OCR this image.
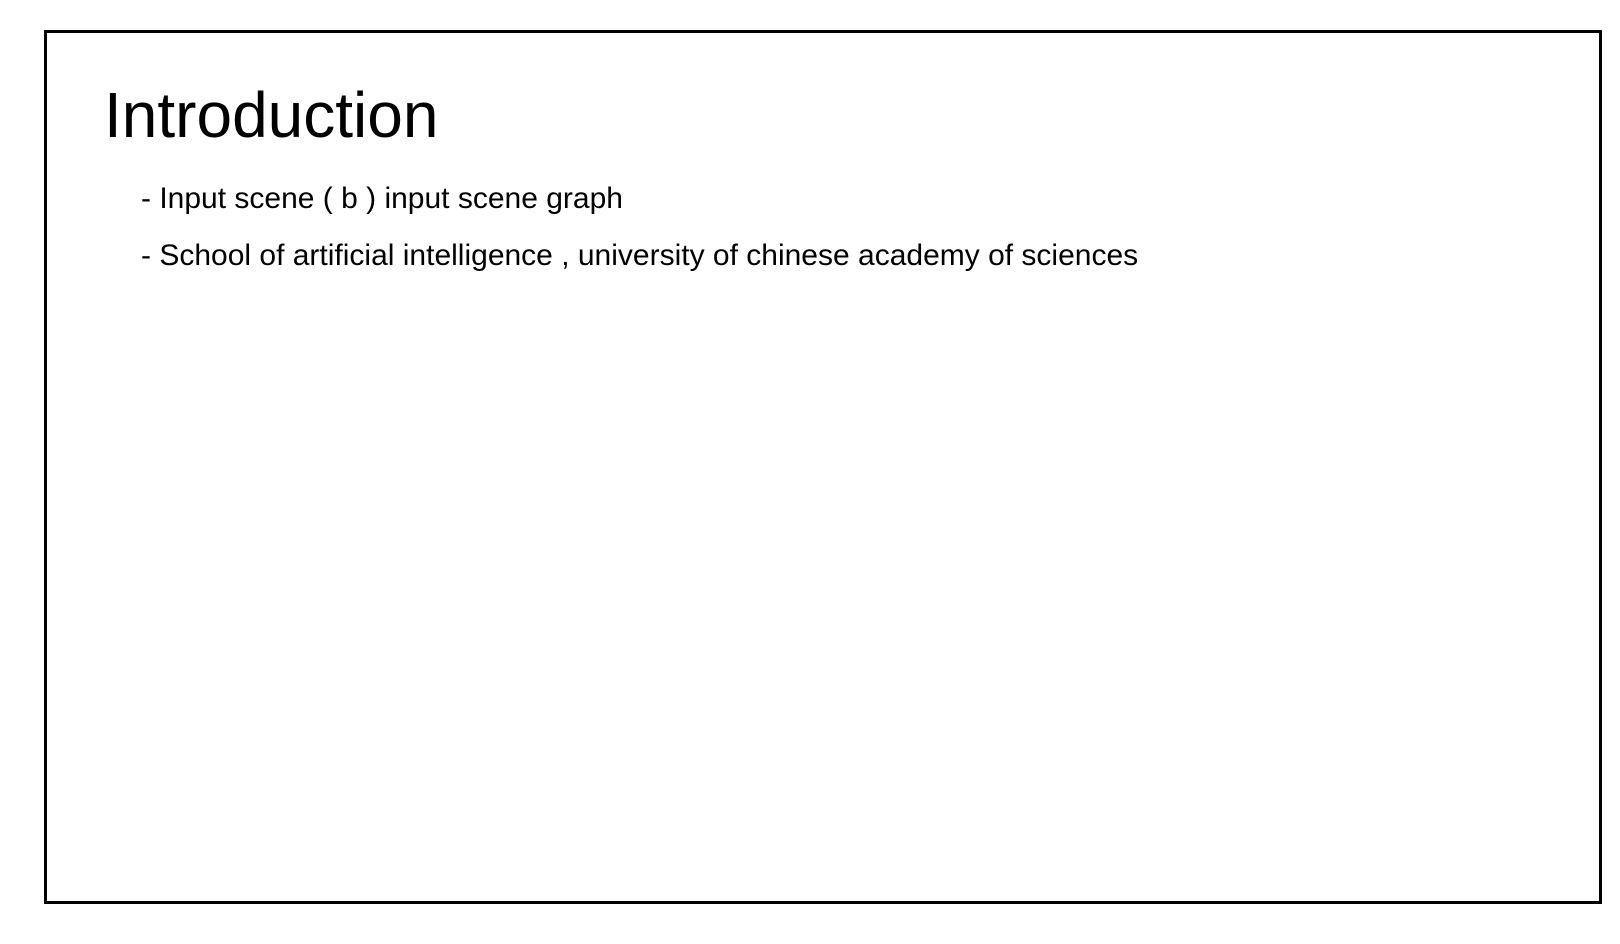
Introduction
- Input scene ( b ) input scene graph
- School of artificial intelligence , university of chinese academy of sciences
